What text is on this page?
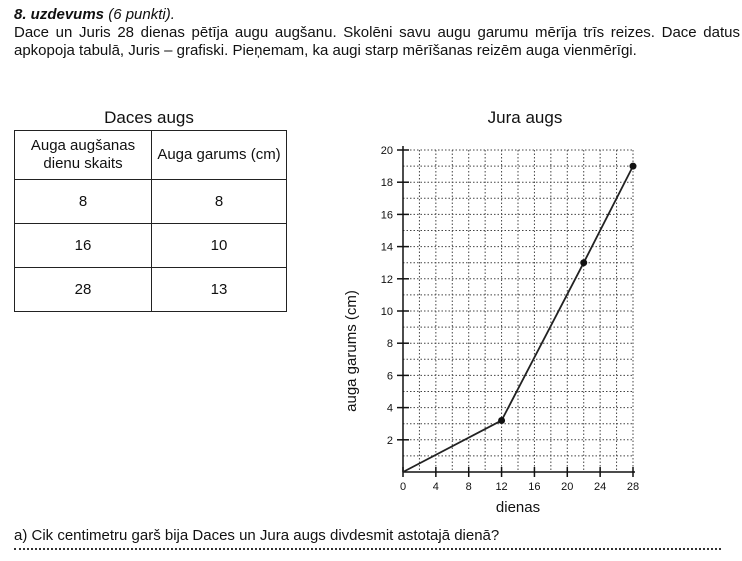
8. uzdevums (6 punkti).
Dace un Juris 28 dienas pētīja augu augšanu. Skolēni savu augu garumu mērīja trīs reizes. Dace datus apkopoja tabulā, Juris – grafiski. Pieņemam, ka augi starp mērīšanas reizēm auga vienmērīgi.
Daces augs
Auga augšanas dienu skaits	Auga garums (cm)
8	8
16	10
28	13
Jura augs
2
4
6
8
10
12
14
16
18
20
0 4 8 12 16 20 24 28
dienas
auga garums (cm)
a) Cik centimetru garš bija Daces un Jura augs divdesmit astotajā dienā?
